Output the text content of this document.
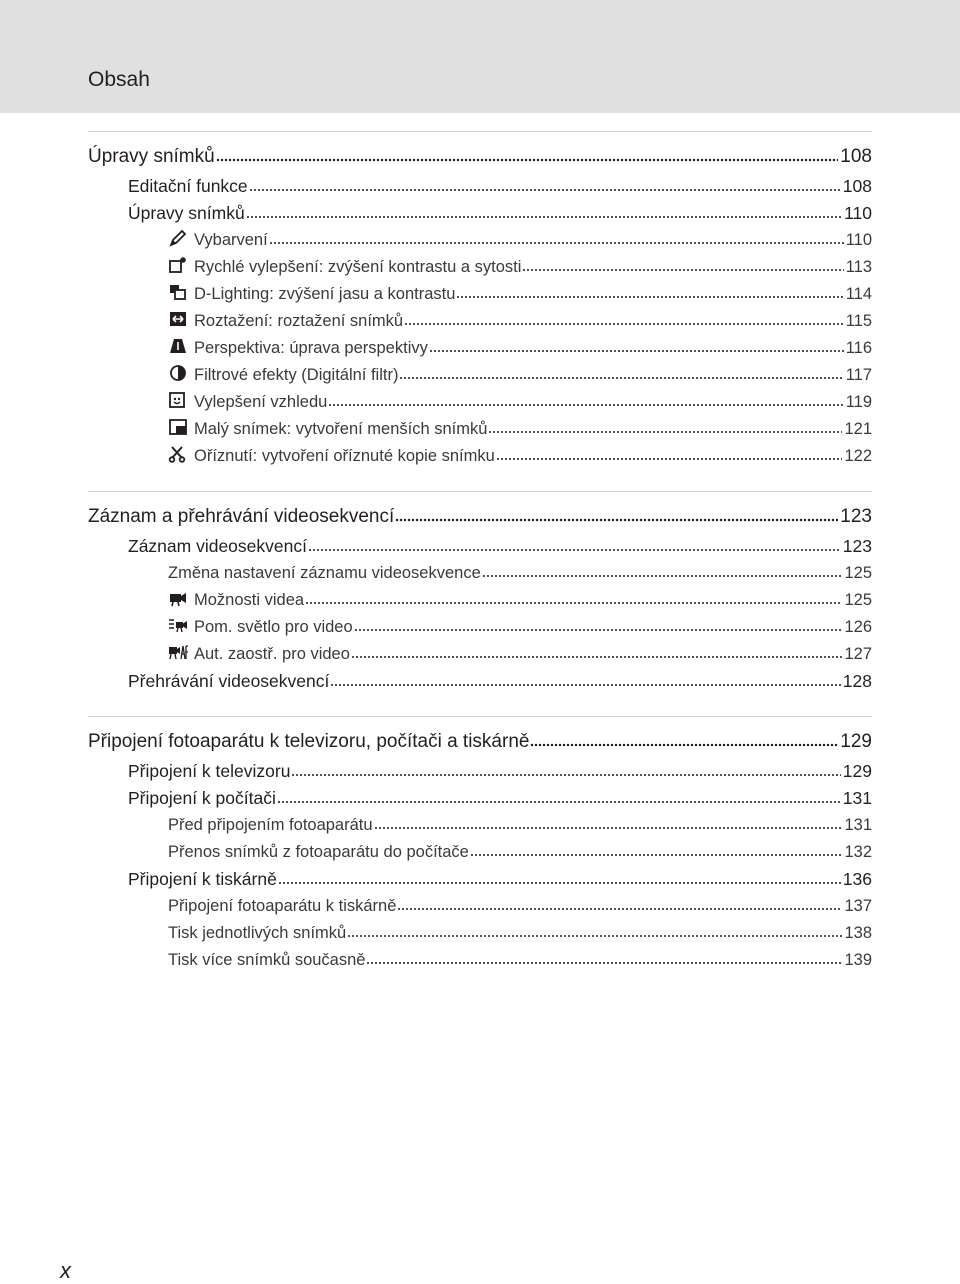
Obsah
Úpravy snímků	108
Editační funkce	108
Úpravy snímků	110
Vybarvení	110
Rychlé vylepšení: zvýšení kontrastu a sytosti	113
D-Lighting: zvýšení jasu a kontrastu	114
Roztažení: roztažení snímků	115
Perspektiva: úprava perspektivy	116
Filtrové efekty (Digitální filtr)	117
Vylepšení vzhledu	119
Malý snímek: vytvoření menších snímků	121
Oříznutí: vytvoření oříznuté kopie snímku	122
Záznam a přehrávání videosekvencí	123
Záznam videosekvencí	123
Změna nastavení záznamu videosekvence	125
Možnosti videa	125
Pom. světlo pro video	126
Aut. zaostř. pro video	127
Přehrávání videosekvencí	128
Připojení fotoaparátu k televizoru, počítači a tiskárně	129
Připojení k televizoru	129
Připojení k počítači	131
Před připojením fotoaparátu	131
Přenos snímků z fotoaparátu do počítače	132
Připojení k tiskárně	136
Připojení fotoaparátu k tiskárně	137
Tisk jednotlivých snímků	138
Tisk více snímků současně	139
x
